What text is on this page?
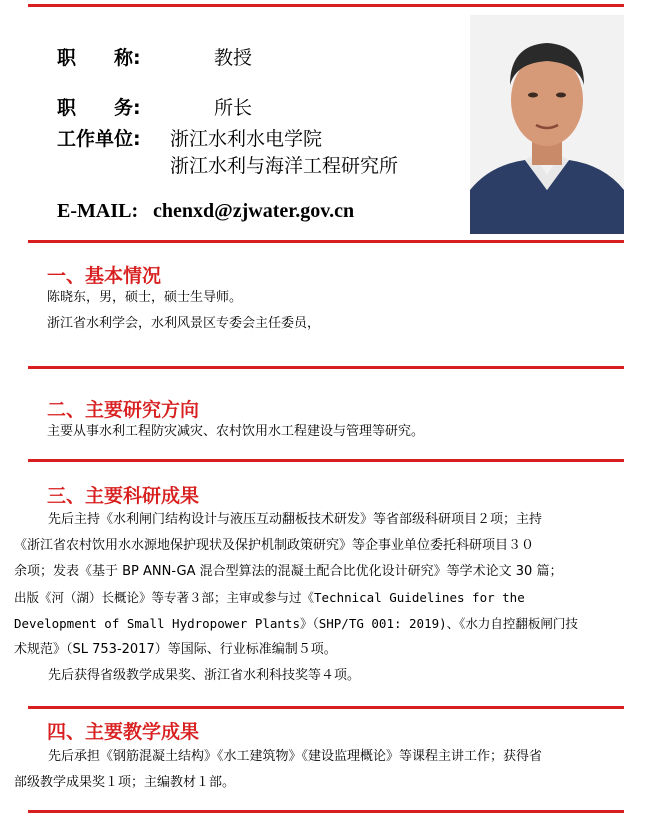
职　　称:	教授
职　　务:	所长
工作单位: 浙江水利水电学院
浙江水利与海洋工程研究所
E-MAIL: chenxd@zjwater.gov.cn
一、基本情况
陈晓东，男，硕士，硕士生导师。
浙江省水利学会，水利风景区专委会主任委员，
二、主要研究方向
主要从事水利工程防灾减灾、农村饮用水工程建设与管理等研究。
三、主要科研成果
先后主持《水利闸门结构设计与液压互动翻板技术研发》等省部级科研项目２项；主持
《浙江省农村饮用水水源地保护现状及保护机制政策研究》等企事业单位委托科研项目３０
余项；发表《基于 BP ANN-GA 混合型算法的混凝土配合比优化设计研究》等学术论文 30 篇；
出版《河（湖）长概论》等专著３部；主审或参与过《Technical Guidelines for the
Development of Small Hydropower Plants》（SHP/TG 001: 2019)、《水力自控翻板闸门技
术规范》（SL 753-2017）等国际、行业标准编制５项。
先后获得省级教学成果奖、浙江省水利科技奖等４项。
四、主要教学成果
先后承担《钢筋混凝土结构》《水工建筑物》《建设监理概论》等课程主讲工作；获得省
部级教学成果奖１项；主编教材１部。
